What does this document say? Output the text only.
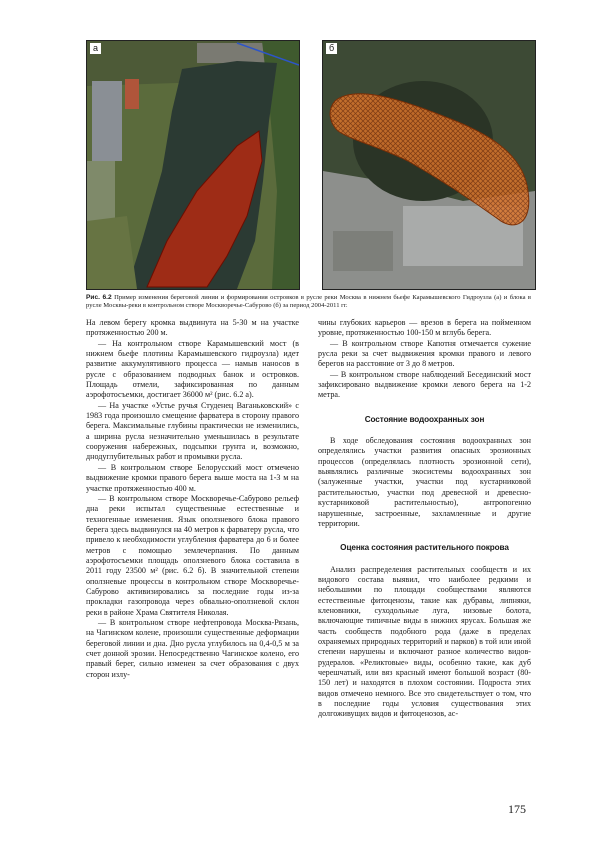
а	б
Рис. 6.2 Пример изменения береговой линии и формирования островков в русле реки Москва в нижнем бьефе Карамышевского Гидроузла (а) и блока в русле Москвы-реки в контрольном створе Москворечье-Сабурово (б) за период 2004-2011 гг.

На левом берегу кромка выдвинута на 5-30 м на участке протяженностью 200 м.

— На контрольном створе Карамышевский мост (в нижнем бьефе плотины Карамышевского гидроузла) идет развитие аккумулятивного процесса — намыв наносов в русле с образованием подводных банок и островков. Площадь отмели, зафиксированная по данным аэрофотосъемки, достигает 36000 м² (рис. 6.2 а).

— На участке «Устье ручья Студенец Ваганьковский» с 1983 года произошло смещение фарватера в сторону правого берега. Максимальные глубины практически не изменились, а ширина русла незначительно уменьшилась в результате сооружения набережных, подсыпки грунта и, возможно, днодуглубительных работ и промывки русла.

— В контрольном створе Белорусский мост отмечено выдвижение кромки правого берега выше моста на 1-3 м на участке протяженностью 400 м.

— В контрольном створе Москворечье-Сабурово рельеф дна реки испытал существенные естественные и техногенные изменения. Язык оползневого блока правого берега здесь выдвинулся на 40 метров к фарватеру русла, что привело к необходимости углубления фарватера до 6 и более метров с помощью землечерпания. По данным аэрофотосъемки площадь оползневого блока составила в 2011 году 23500 м² (рис. 6.2 б). В значительной степени оползневые процессы в контрольном створе Москворечье-Сабурово активизировались за последние годы из-за прокладки газопровода через обвально-оползневой склон реки в районе Храма Святителя Николая.

— В контрольном створе нефтепроводa Москва-Рязань, на Чагинском колене, произошли существенные деформации береговой линии и дна. Дно русла углубилось на 0,4-0,5 м за счет донной эрозии. Непосредственно Чагинское колено, его правый берег, сильно изменен за счет образования с двух сторон излу-

чины глубоких карьеров — врезов в берега на пойменном уровне, протяженностью 100-150 м вглубь берега.

— В контрольном створе Капотня отмечается сужение русла реки за счет выдвижения кромки правого и левого берегов на расстояние от 3 до 8 метров.

— В контрольном створе наблюдений Бесединский мост зафиксировано выдвижение кромки левого берега на 1-2 метра.

Состояние водоохранных зон

В ходе обследования состояния водоохранных зон определялись участки развития опасных эрозионных процессов (определялась плотность эрозионной сети), выявлялись различные экосистемы водоохранных зон (залуженные участки, участки под кустарниковой растительностью, участки под древесной и древесно-кустарниковой растительностью), антропогенно нарушенные, застроенные, захламленные и другие территории.

Оценка состояния растительного покрова

Анализ распределения растительных сообществ и их видового состава выявил, что наиболее редкими и небольшими по площади сообществами являются естественные фитоценозы, такие как дубравы, липняки, кленовники, суходольные луга, низовые болота, включающие типичные виды в нижних ярусах. Большая же часть сообществ подобного рода (даже в пределах охраняемых природных территорий и парков) в той или иной степени нарушены и включают разное количество видов-рудералов. «Реликтовые» виды, особенно такие, как дуб черешчатый, или вяз красный имеют большой возраст (80-150 лет) и находятся в плохом состоянии. Подроста этих видов отмечено немного. Все это свидетельствует о том, что в последние годы условия существования этих долгоживущих видов и фитоценозов, ас-

175
